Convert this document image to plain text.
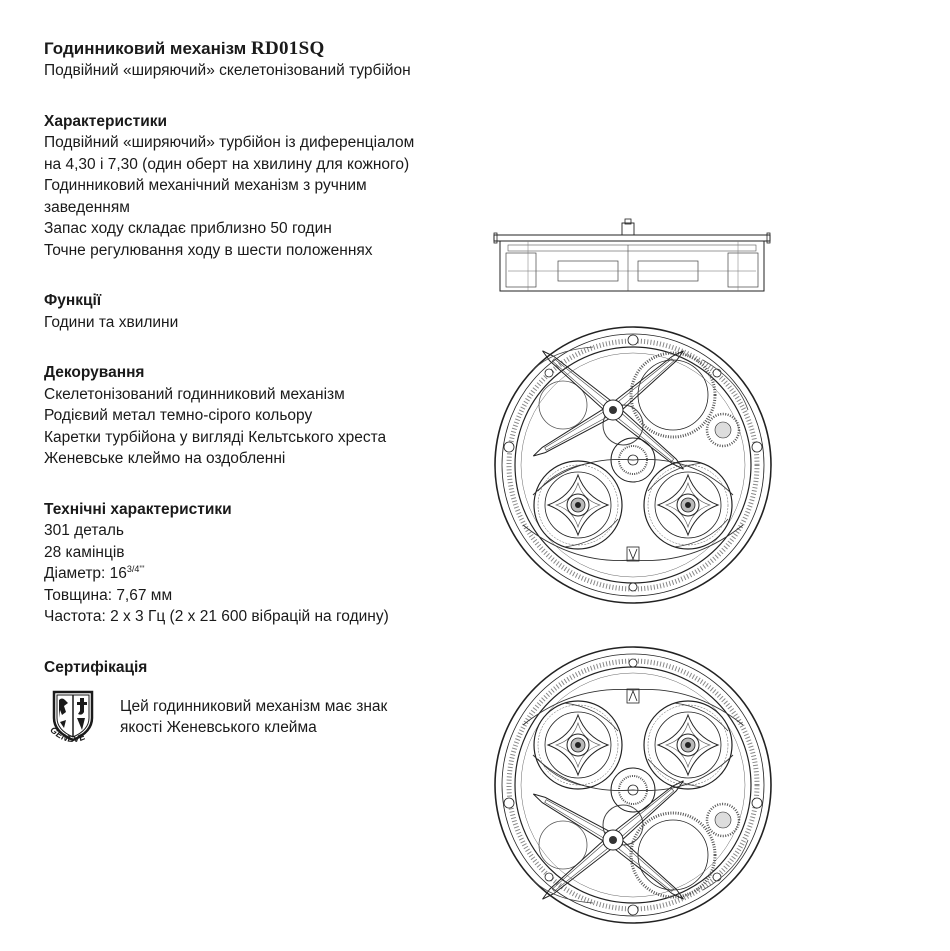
Годинниковий механізм RD01SQ

Подвійний «ширяючий» скелетонізований турбійон

Характеристики

Подвійний «ширяючий» турбійон із диференціалом

на 4,30 і 7,30 (один оберт на хвилину для кожного)

Годинниковий механічний механізм з ручним

заведенням

Запас ходу складає приблизно 50 годин

Точне регулювання ходу в шести положеннях

Функції

Години та хвилини

Декорування

Скелетонізований годинниковий механізм

Родієвий метал темно-сірого кольору

Каретки турбійона у вигляді Кельтського хреста

Женевське клеймо на оздобленні

Технічні характеристики

301 деталь

28 камінців

Діаметр: $16^{3/4'''}$

Товщина: 7,67 мм

Частота: 2 x 3 Гц (2 x 21 600 вібрацій на годину)

Сертифікація
GENEVE
Цей годинниковий механізм має знак
якості Женевського клейма
